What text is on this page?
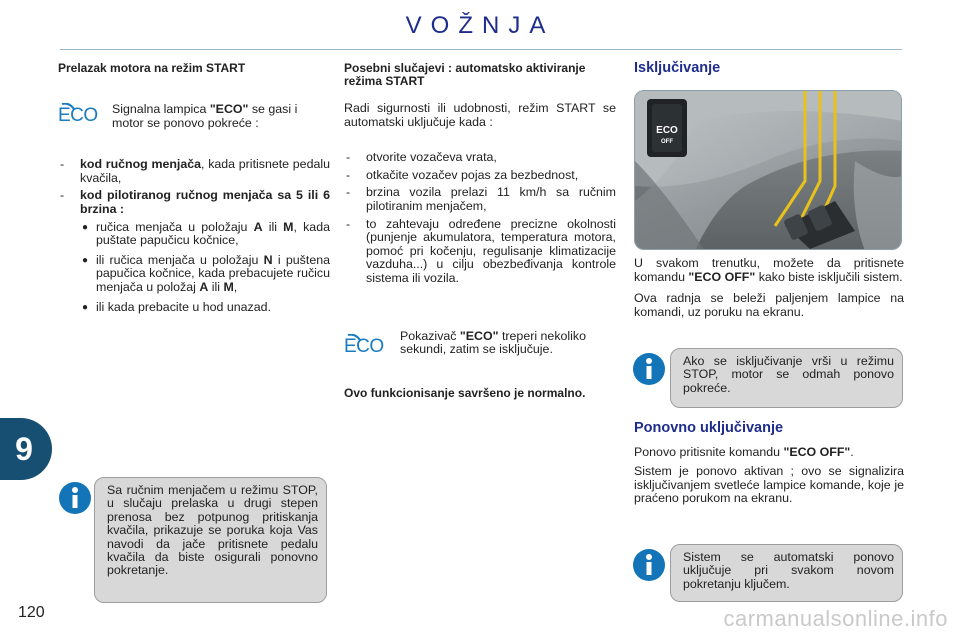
VOŽNJA
9
Prelazak motora na režim START
ECO Signalna lampica "ECO" se gasi i motor se ponovo pokreće :
- kod ručnog menjača, kada pritisnete pedalu kvačila,
- kod pilotiranog ručnog menjača sa 5 ili 6 brzina :
● ručica menjača u položaju A ili M, kada puštate papučicu kočnice,
● ili ručica menjača u položaju N i puštena papučica kočnice, kada prebacujete ručicu menjača u položaj A ili M,
● ili kada prebacite u hod unazad.
Sa ručnim menjačem u režimu STOP, u slučaju prelaska u drugi stepen prenosa bez potpunog pritiskanja kvačila, prikazuje se poruka koja Vas navodi da jače pritisnete pedalu kvačila da biste osigurali ponovno pokretanje.
Posebni slučajevi : automatsko aktiviranje režima START

Radi sigurnosti ili udobnosti, režim START se automatski uključuje kada :

- otvorite vozačeva vrata,
- otkačite vozačev pojas za bezbednost,
- brzina vozila prelazi 11 km/h sa ručnim pilotiranim menjačem,
- to zahtevaju određene precizne okolnosti (punjenje akumulatora, temperatura motora, pomoć pri kočenju, regulisanje klimatizacije vazduha...) u cilju obezbeđivanja kontrole sistema ili vozila.
ECO Pokazivač "ECO" treperi nekoliko sekundi, zatim se isključuje.
Ovo funkcionisanje savršeno je normalno.
Isključivanje
ECO
OFF

U svakom trenutku, možete da pritisnete komandu "ECO OFF" kako biste isključili sistem.

Ova radnja se beleži paljenjem lampice na komandi, uz poruku na ekranu.

Ako se isključivanje vrši u režimu STOP, motor se odmah ponovo pokreće.
Ponovno uključivanje

Ponovo pritisnite komandu "ECO OFF".

Sistem je ponovo aktivan ; ovo se signalizira isključivanjem svetleće lampice komande, koje je praćeno porukom na ekranu.

Sistem se automatski ponovo uključuje pri svakom novom pokretanju ključem.
120	carmanualsonline.info
